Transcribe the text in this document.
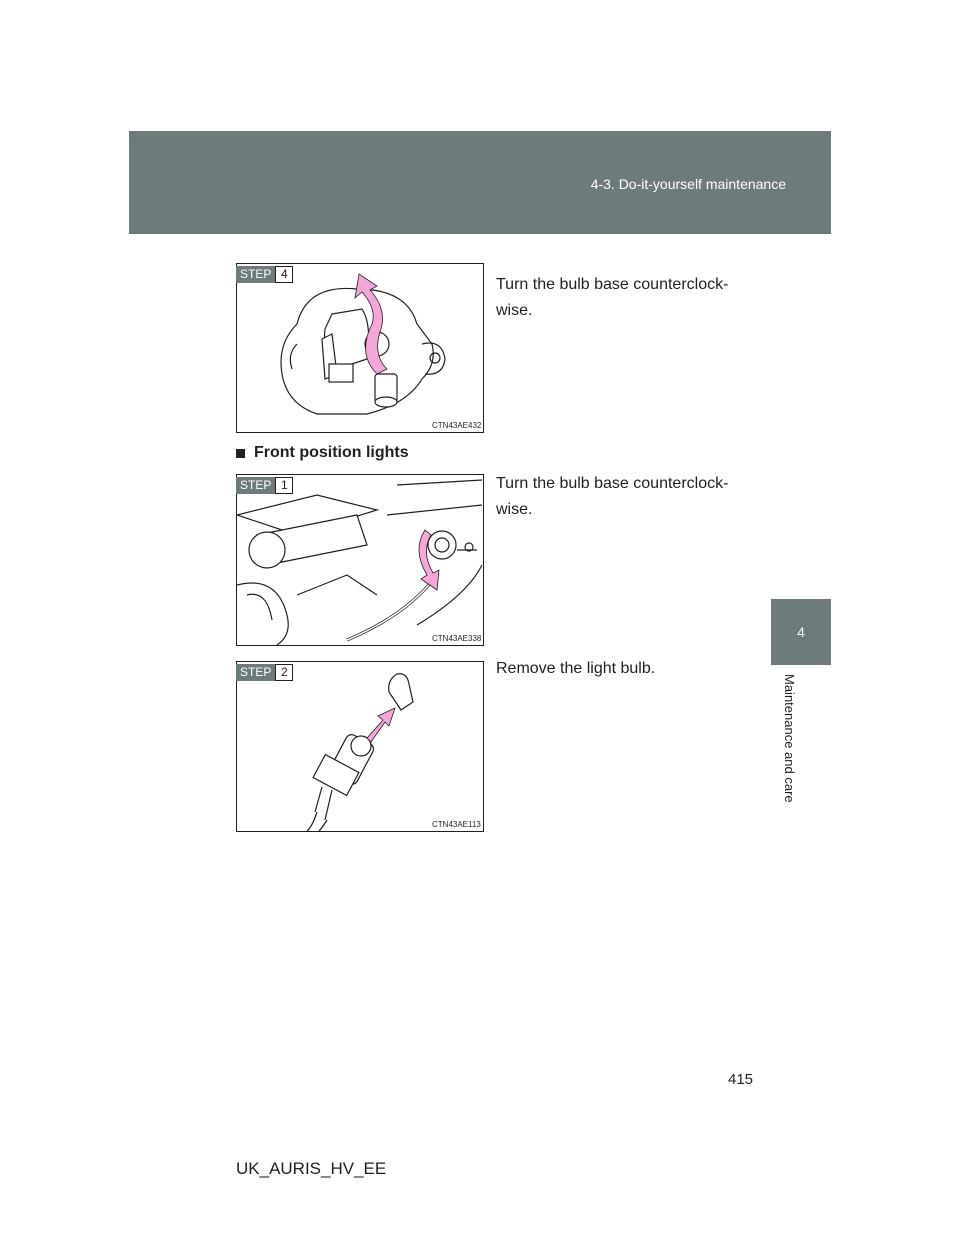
4-3. Do-it-yourself maintenance
4
Maintenance and care
STEP 4
CTN43AE432
Turn the bulb base counterclock-wise.
Front position lights
STEP 1
CTN43AE338
Turn the bulb base counterclock-wise.
STEP 2
CTN43AE113
Remove the light bulb.
415
UK_AURIS_HV_EE
